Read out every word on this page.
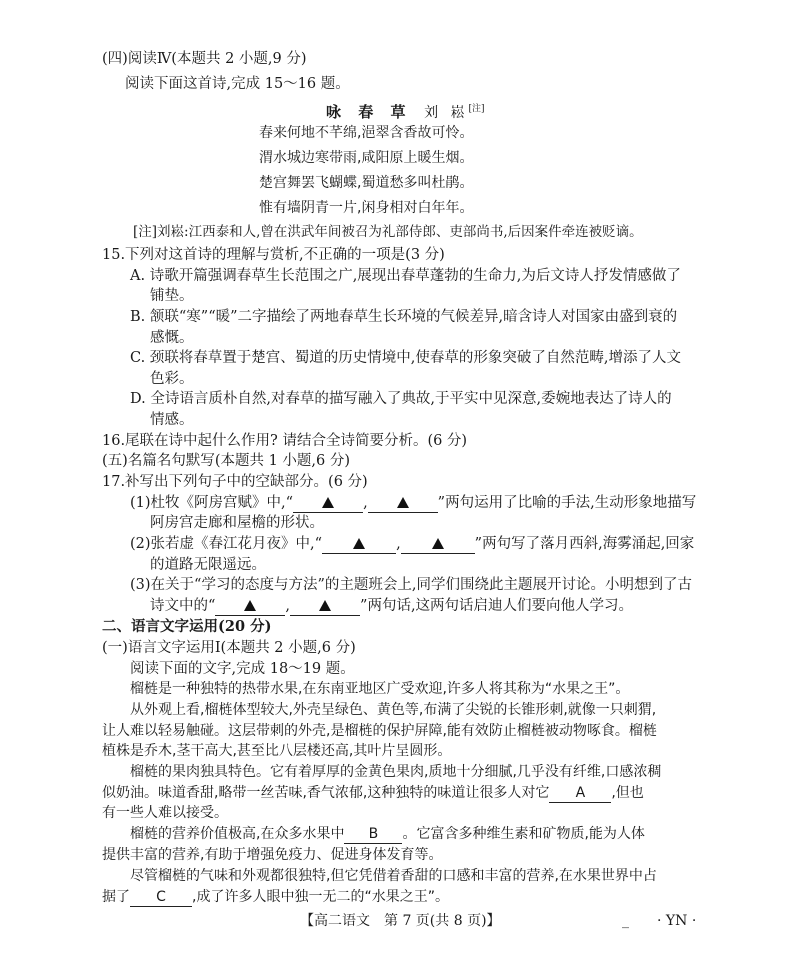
(四)阅读Ⅳ(本题共 2 小题,9 分)
阅读下面这首诗,完成 15～16 题。
咏 春 草 刘 崧[注]
春来何地不芊绵,浥翠含香故可怜。
渭水城边寒带雨,咸阳原上暖生烟。
楚宫舞罢飞蝴蝶,蜀道愁多叫杜鹃。
惟有墙阴青一片,闲身相对白年年。
[注]刘崧:江西泰和人,曾在洪武年间被召为礼部侍郎、吏部尚书,后因案件牵连被贬谪。
15.下列对这首诗的理解与赏析,不正确的一项是(3 分)
A. 诗歌开篇强调春草生长范围之广,展现出春草蓬勃的生命力,为后文诗人抒发情感做了
铺垫。
B. 颔联“寒”“暖”二字描绘了两地春草生长环境的气候差异,暗含诗人对国家由盛到衰的
感慨。
C. 颈联将春草置于楚宫、蜀道的历史情境中,使春草的形象突破了自然范畴,增添了人文
色彩。
D. 全诗语言质朴自然,对春草的描写融入了典故,于平实中见深意,委婉地表达了诗人的
情感。
16.尾联在诗中起什么作用? 请结合全诗简要分析。(6 分)
(五)名篇名句默写(本题共 1 小题,6 分)
17.补写出下列句子中的空缺部分。(6 分)
(1)杜牧《阿房宫赋》中,“	,	”两句运用了比喻的手法,生动形象地描写
阿房宫走廊和屋檐的形状。
(2)张若虚《春江花月夜》中,“	,	”两句写了落月西斜,海雾涌起,回家
的道路无限遥远。
(3)在关于“学习的态度与方法”的主题班会上,同学们围绕此主题展开讨论。小明想到了古
诗文中的“	,	”两句话,这两句话启迪人们要向他人学习。
二、语言文字运用(20 分)
(一)语言文字运用Ⅰ(本题共 2 小题,6 分)
阅读下面的文字,完成 18～19 题。
榴梿是一种独特的热带水果,在东南亚地区广受欢迎,许多人将其称为“水果之王”。
从外观上看,榴梿体型较大,外壳呈绿色、黄色等,布满了尖锐的长锥形刺,就像一只刺猬,
让人难以轻易触碰。这层带刺的外壳,是榴梿的保护屏障,能有效防止榴梿被动物啄食。榴梿
植株是乔木,茎干高大,甚至比八层楼还高,其叶片呈圆形。
榴梿的果肉独具特色。它有着厚厚的金黄色果肉,质地十分细腻,几乎没有纤维,口感浓稠
似奶油。味道香甜,略带一丝苦味,香气浓郁,这种独特的味道让很多人对它 A ,但也
有一些人难以接受。
榴梿的营养价值极高,在众多水果中 B 。它富含多种维生素和矿物质,能为人体
提供丰富的营养,有助于增强免疫力、促进身体发育等。
尽管榴梿的气味和外观都很独特,但它凭借着香甜的口感和丰富的营养,在水果世界中占
据了 C ,成了许多人眼中独一无二的“水果之王”。
【高二语文　第 7 页(共 8 页)】	_ · YN ·
